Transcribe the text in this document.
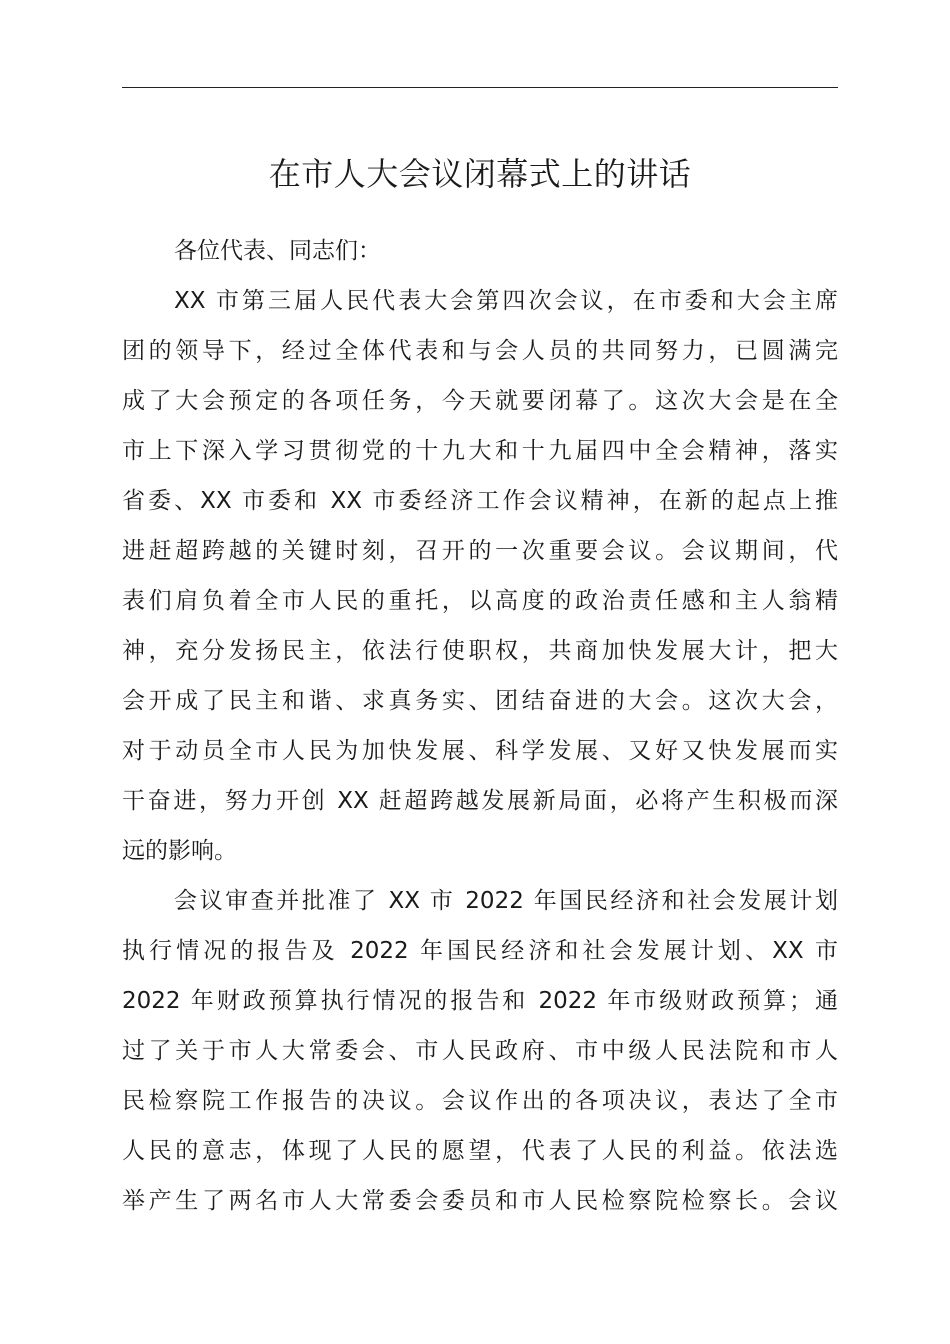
在市人大会议闭幕式上的讲话
各位代表、同志们：
XX 市第三届人民代表大会第四次会议，在市委和大会主席
团的领导下，经过全体代表和与会人员的共同努力，已圆满完
成了大会预定的各项任务，今天就要闭幕了。这次大会是在全
市上下深入学习贯彻党的十九大和十九届四中全会精神，落实
省委、XX 市委和 XX 市委经济工作会议精神，在新的起点上推
进赶超跨越的关键时刻，召开的一次重要会议。会议期间，代
表们肩负着全市人民的重托，以高度的政治责任感和主人翁精
神，充分发扬民主，依法行使职权，共商加快发展大计，把大
会开成了民主和谐、求真务实、团结奋进的大会。这次大会，
对于动员全市人民为加快发展、科学发展、又好又快发展而实
干奋进，努力开创 XX 赶超跨越发展新局面，必将产生积极而深
远的影响。
会议审查并批准了 XX 市 2022 年国民经济和社会发展计划
执行情况的报告及 2022 年国民经济和社会发展计划、XX 市
2022 年财政预算执行情况的报告和 2022 年市级财政预算；通
过了关于市人大常委会、市人民政府、市中级人民法院和市人
民检察院工作报告的决议。会议作出的各项决议，表达了全市
人民的意志，体现了人民的愿望，代表了人民的利益。依法选
举产生了两名市人大常委会委员和市人民检察院检察长。会议
